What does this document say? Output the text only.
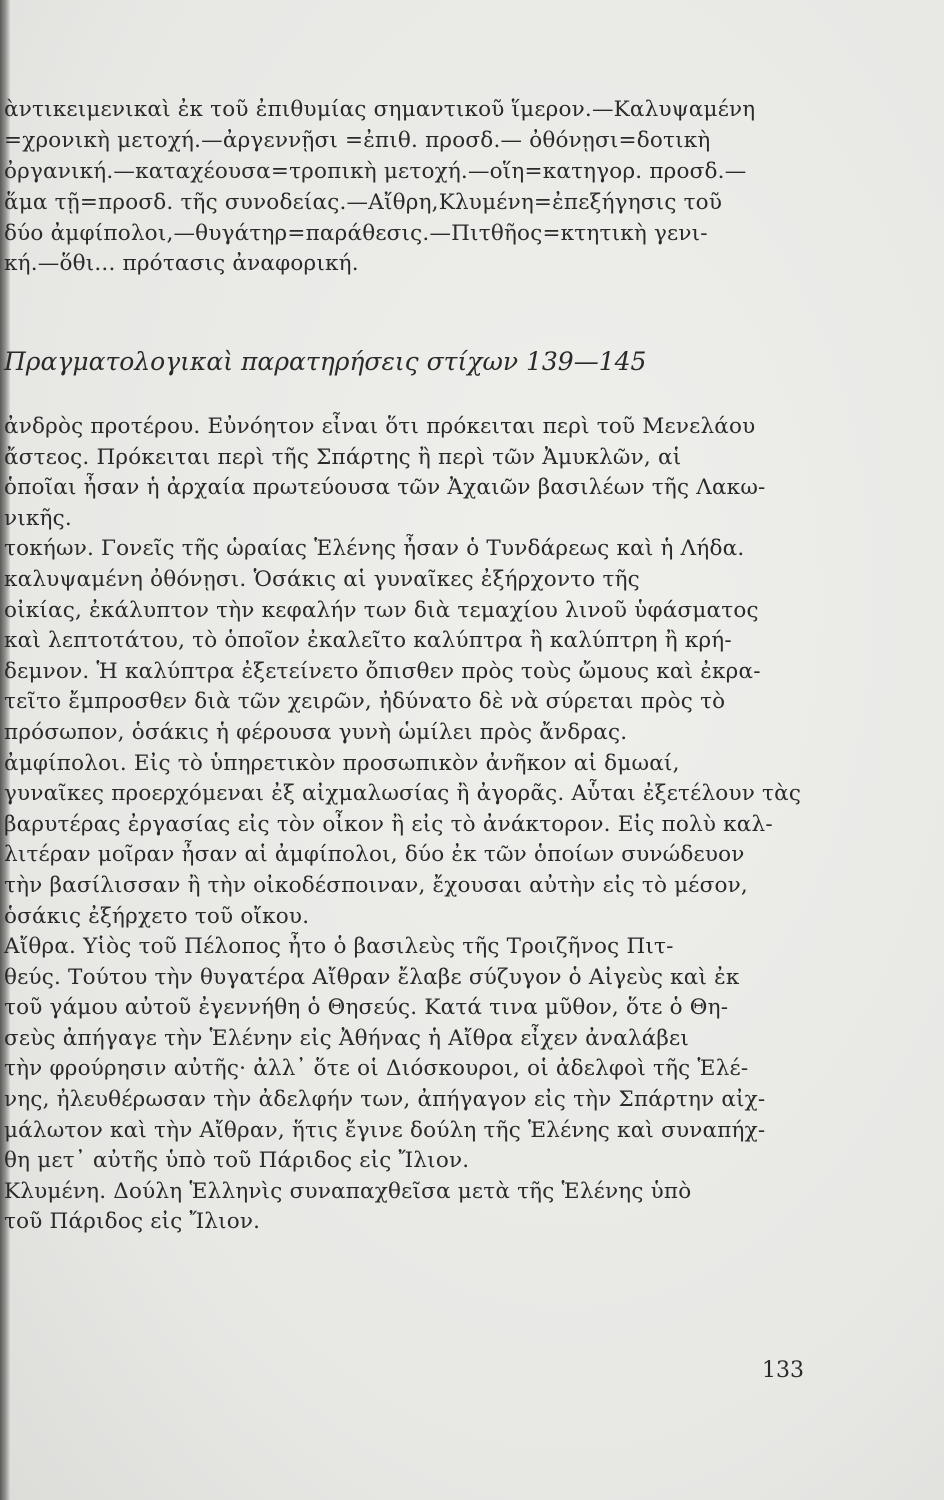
ὰντικειμενικαὶ ἐκ τοῦ ἐπιθυμίας σημαντικοῦ ἵμερον.—Καλυψαμένη
=χρονικὴ μετοχή.—ἀργεννῇσι =ἐπιθ. προσδ.— ὀθόνῃσι=δοτικὴ
ὀργανική.—καταχέουσα=τροπικὴ μετοχή.—οἵη=κατηγορ. προσδ.—
ἅμα τῇ=προσδ. τῆς συνοδείας.—Αἴθρη,Κλυμένη=ἐπεξήγησις τοῦ
δύο ἀμφίπολοι,—θυγάτηρ=παράθεσις.—Πιτθῆος=κτητικὴ γενι-
κή.—ὅθι... πρότασις ἀναφορική.
Πραγματολογικαὶ παρατηρήσεις στίχων 139—145
ἀνδρὸς προτέρου. Εὐνόητον εἶναι ὅτι πρόκειται περὶ τοῦ Μενελάου
ἄστεος. Πρόκειται περὶ τῆς Σπάρτης ἢ περὶ τῶν Ἀμυκλῶν, αἱ
ὁποῖαι ἦσαν ἡ ἀρχαία πρωτεύουσα τῶν Ἀχαιῶν βασιλέων τῆς Λακω-
νικῆς.
τοκήων. Γονεῖς τῆς ὡραίας Ἑλένης ἦσαν ὁ Τυνδάρεως καὶ ἡ Λήδα.
καλυψαμένη ὀθόνῃσι. Ὁσάκις αἱ γυναῖκες ἐξήρχοντο τῆς
οἰκίας, ἐκάλυπτον τὴν κεφαλήν των διὰ τεμαχίου λινοῦ ὑφάσματος
καὶ λεπτοτάτου, τὸ ὁποῖον ἐκαλεῖτο καλύπτρα ἢ καλύπτρη ἢ κρή-
δεμνον. Ἡ καλύπτρα ἐξετείνετο ὄπισθεν πρὸς τοὺς ὤμους καὶ ἐκρα-
τεῖτο ἔμπροσθεν διὰ τῶν χειρῶν, ἠδύνατο δὲ νὰ σύρεται πρὸς τὸ
πρόσωπον, ὁσάκις ἡ φέρουσα γυνὴ ὡμίλει πρὸς ἄνδρας.
ἀμφίπολοι. Εἰς τὸ ὑπηρετικὸν προσωπικὸν ἀνῆκον αἱ δμωαί,
γυναῖκες προερχόμεναι ἐξ αἰχμαλωσίας ἢ ἀγορᾶς. Αὗται ἐξετέλουν τὰς
βαρυτέρας ἐργασίας εἰς τὸν οἶκον ἢ εἰς τὸ ἀνάκτορον. Εἰς πολὺ καλ-
λιτέραν μοῖραν ἦσαν αἱ ἀμφίπολοι, δύο ἐκ τῶν ὁποίων συνώδευον
τὴν βασίλισσαν ἢ τὴν οἰκοδέσποιναν, ἔχουσαι αὐτὴν εἰς τὸ μέσον,
ὁσάκις ἐξήρχετο τοῦ οἴκου.
Αἴθρα. Υἱὸς τοῦ Πέλοπος ἦτο ὁ βασιλεὺς τῆς Τροιζῆνος Πιτ-
θεύς. Τούτου τὴν θυγατέρα Αἴθραν ἔλαβε σύζυγον ὁ Αἰγεὺς καὶ ἐκ
τοῦ γάμου αὐτοῦ ἐγεννήθη ὁ Θησεύς. Κατά τινα μῦθον, ὅτε ὁ Θη-
σεὺς ἀπήγαγε τὴν Ἑλένην εἰς Ἀθήνας ἡ Αἴθρα εἶχεν ἀναλάβει
τὴν φρούρησιν αὐτῆς· ἀλλ᾽ ὅτε οἱ Διόσκουροι, οἱ ἀδελφοὶ τῆς Ἑλέ-
νης, ἠλευθέρωσαν τὴν ἀδελφήν των, ἀπήγαγον εἰς τὴν Σπάρτην αἰχ-
μάλωτον καὶ τὴν Αἴθραν, ἥτις ἔγινε δούλη τῆς Ἑλένης καὶ συναπήχ-
θη μετ᾽ αὐτῆς ὑπὸ τοῦ Πάριδος εἰς Ἴλιον.
Κλυμένη. Δούλη Ἑλληνὶς συναπαχθεῖσα μετὰ τῆς Ἑλένης ὑπὸ
τοῦ Πάριδος εἰς Ἴλιον.
133
